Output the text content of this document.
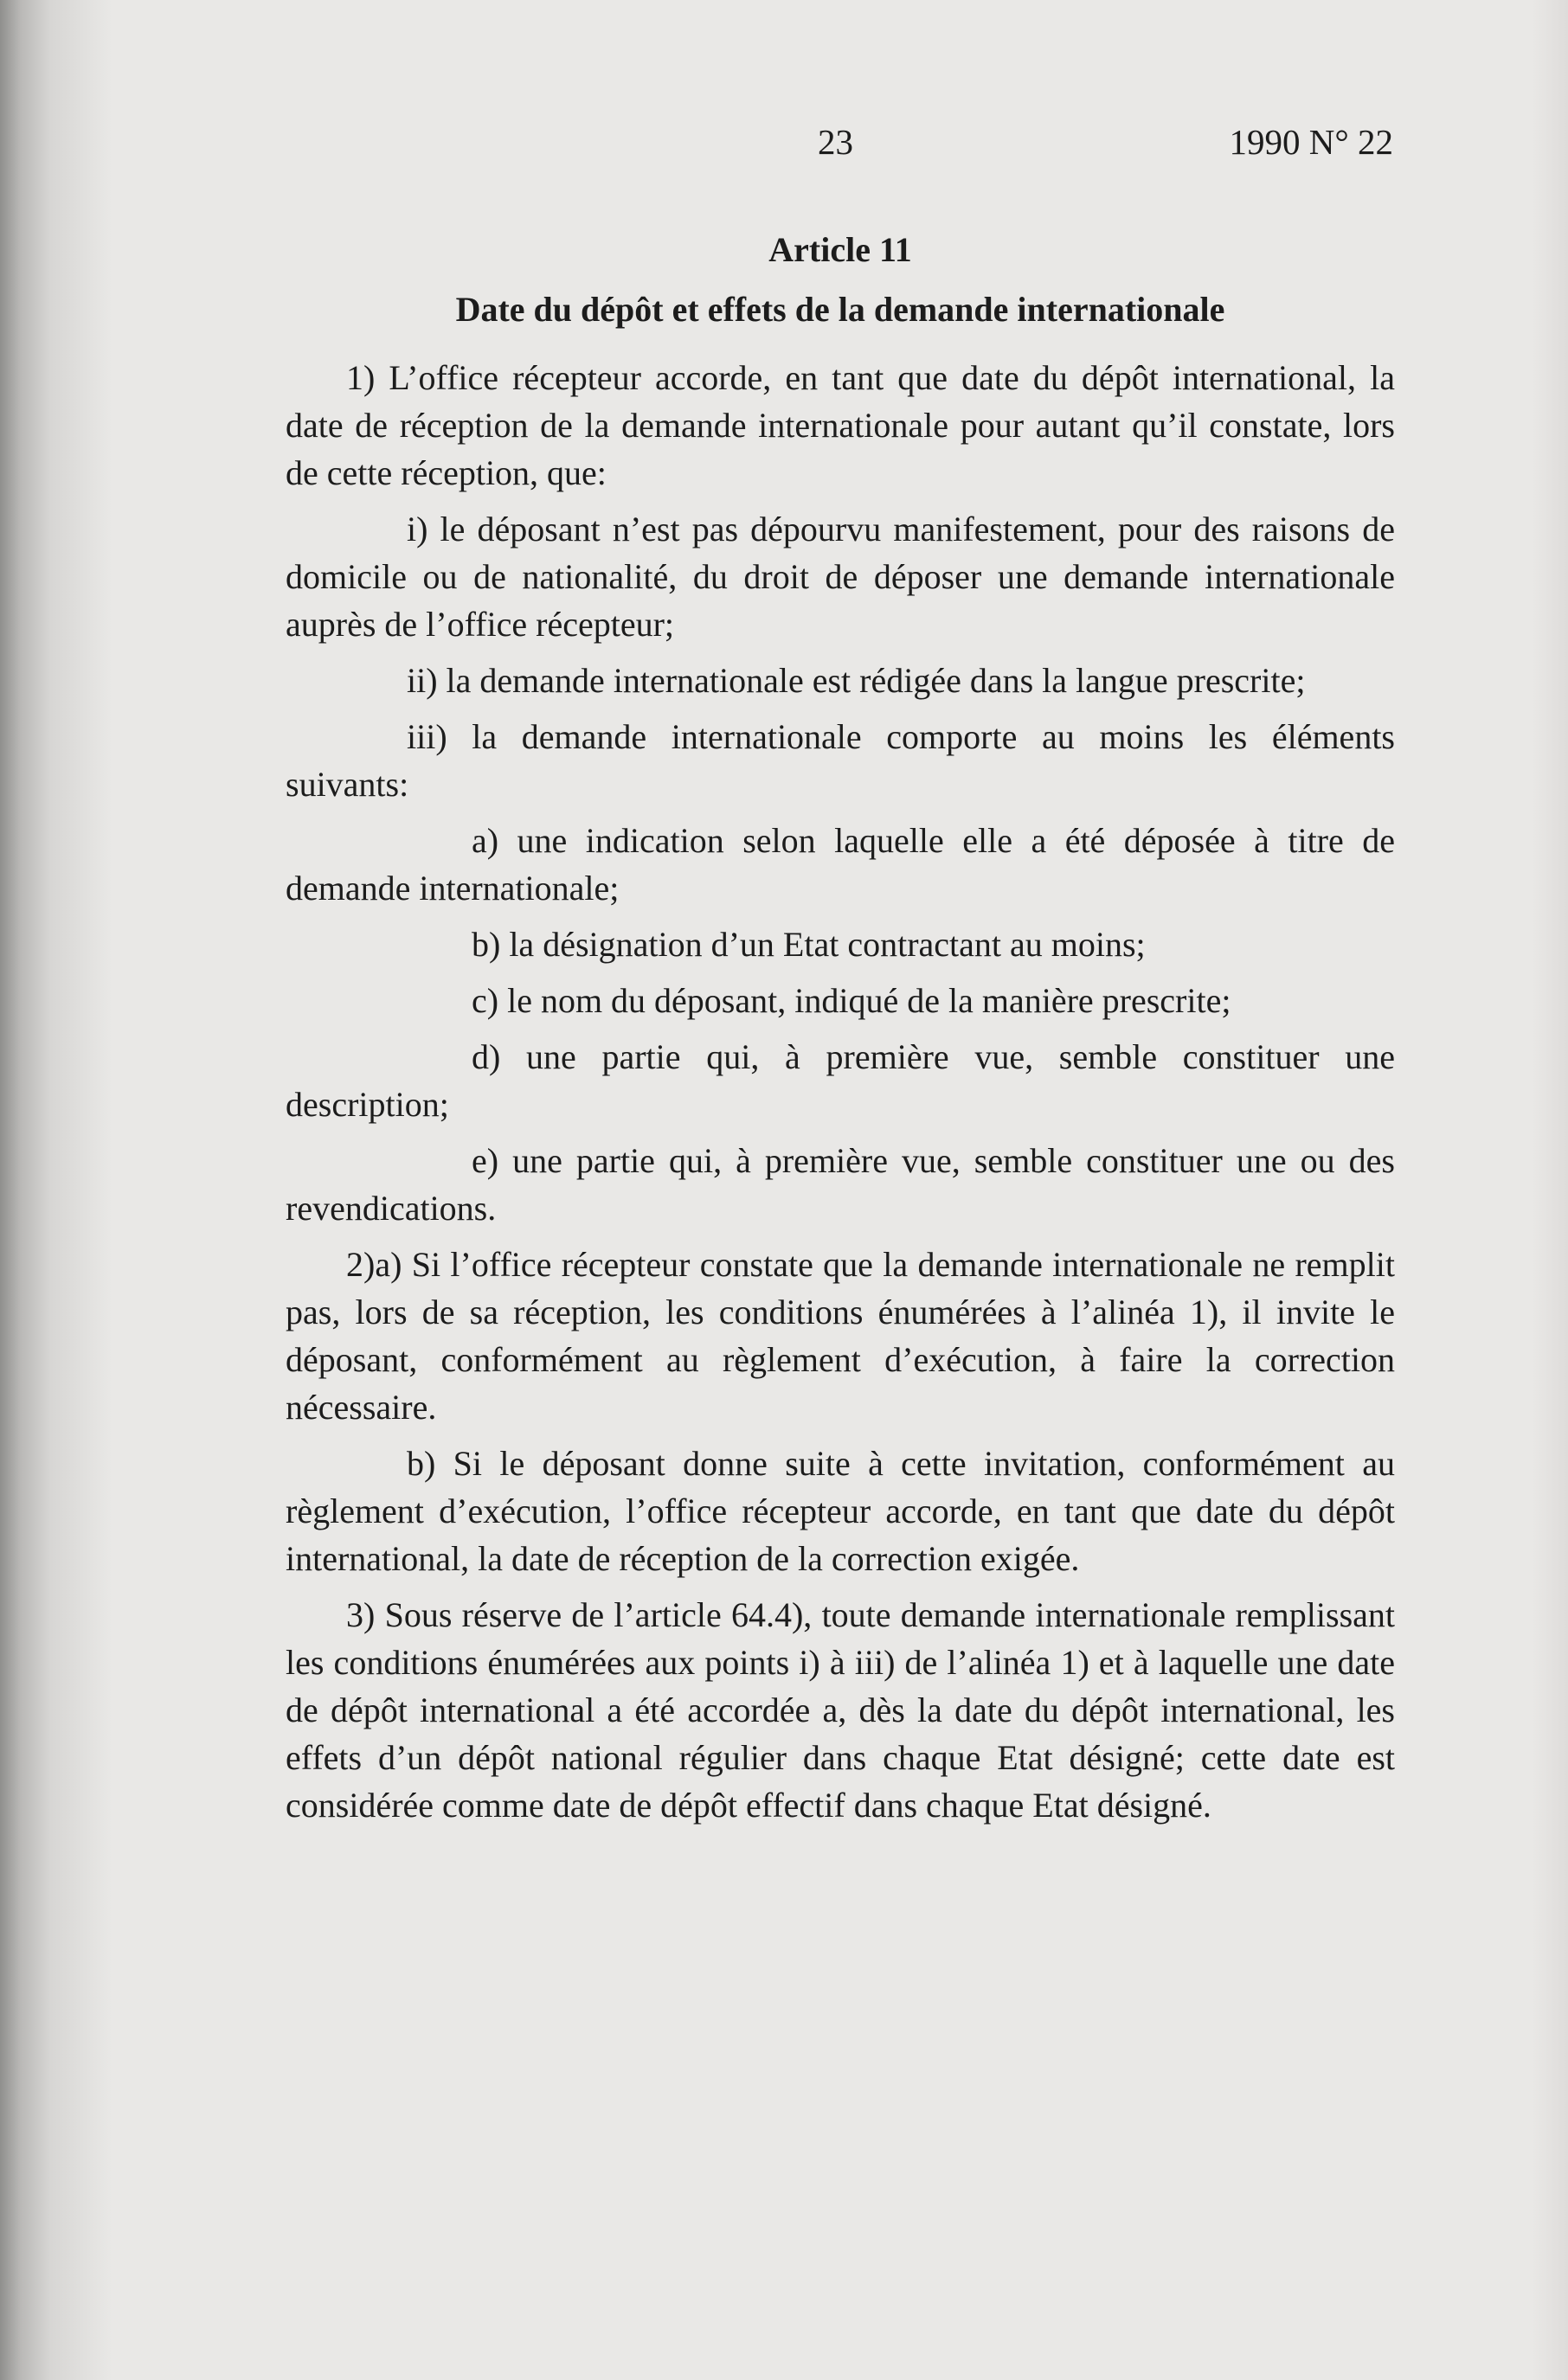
23	1990 N° 22
Article 11
Date du dépôt et effets de la demande internationale

1) L’office récepteur accorde, en tant que date du dépôt international, la date de réception de la demande internationale pour autant qu’il constate, lors de cette réception, que:

i) le déposant n’est pas dépourvu manifestement, pour des raisons de domicile ou de nationalité, du droit de déposer une demande internationale auprès de l’office récepteur;

ii) la demande internationale est rédigée dans la langue prescrite;

iii) la demande internationale comporte au moins les éléments suivants:

a) une indication selon laquelle elle a été déposée à titre de demande internationale;

b) la désignation d’un Etat contractant au moins;

c) le nom du déposant, indiqué de la manière prescrite;

d) une partie qui, à première vue, semble constituer une description;

e) une partie qui, à première vue, semble constituer une ou des revendications.

2)a) Si l’office récepteur constate que la demande internationale ne remplit pas, lors de sa réception, les conditions énumérées à l’alinéa 1), il invite le déposant, conformément au règlement d’exécution, à faire la correction nécessaire.

b) Si le déposant donne suite à cette invitation, conformément au règlement d’exécution, l’office récepteur accorde, en tant que date du dépôt international, la date de réception de la correction exigée.

3) Sous réserve de l’article 64.4), toute demande internationale remplissant les conditions énumérées aux points i) à iii) de l’alinéa 1) et à laquelle une date de dépôt international a été accordée a, dès la date du dépôt international, les effets d’un dépôt national régulier dans chaque Etat désigné; cette date est considérée comme date de dépôt effectif dans chaque Etat désigné.
